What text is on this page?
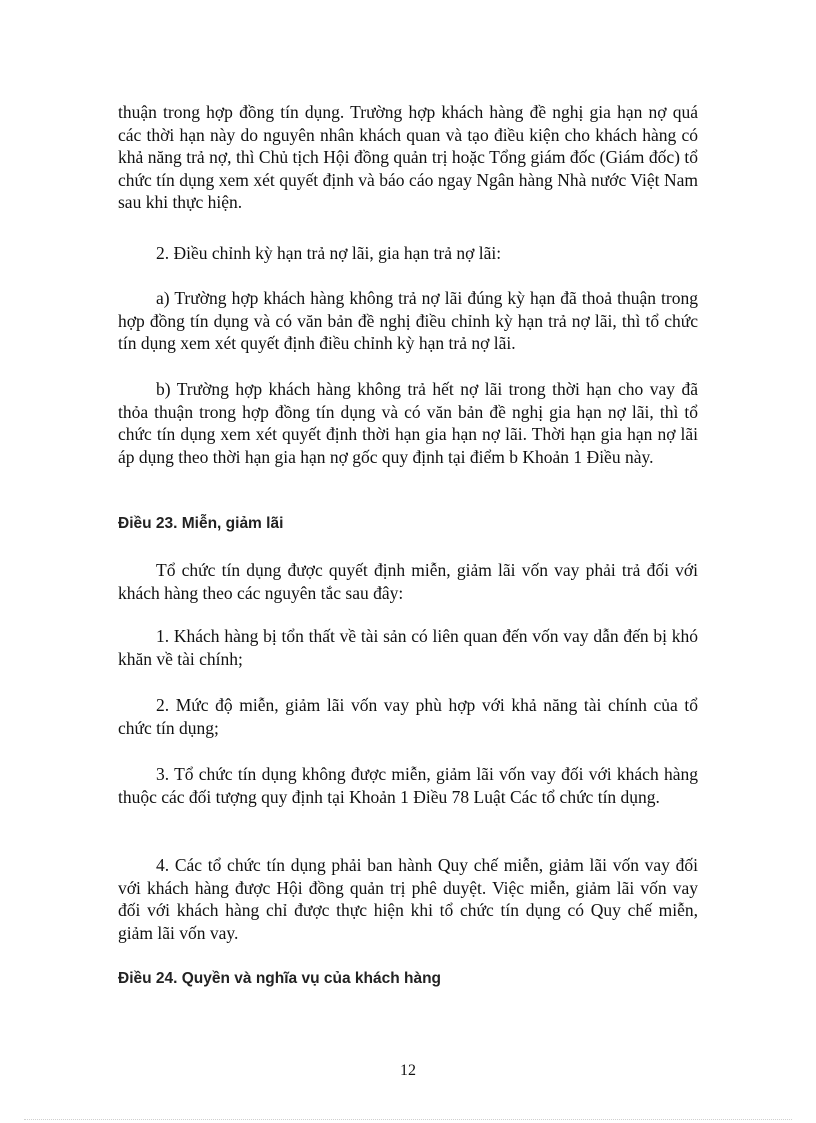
thuận trong hợp đồng tín dụng. Trường hợp khách hàng đề nghị gia hạn nợ quá các thời hạn này do nguyên nhân khách quan và tạo điều kiện cho khách hàng có khả năng trả nợ, thì Chủ tịch Hội đồng quản trị hoặc Tổng giám đốc (Giám đốc) tổ chức tín dụng xem xét quyết định và báo cáo ngay Ngân hàng Nhà nước Việt Nam sau khi thực hiện.

2. Điều chỉnh kỳ hạn trả nợ lãi, gia hạn trả nợ lãi:

a) Trường hợp khách hàng không trả nợ lãi đúng kỳ hạn đã thoả thuận trong hợp đồng tín dụng và có văn bản đề nghị điều chỉnh kỳ hạn trả nợ lãi, thì tổ chức tín dụng xem xét quyết định điều chỉnh kỳ hạn trả nợ lãi.

b) Trường hợp khách hàng không trả hết nợ lãi trong thời hạn cho vay đã thỏa thuận trong hợp đồng tín dụng và có văn bản đề nghị gia hạn nợ lãi, thì tổ chức tín dụng xem xét quyết định thời hạn gia hạn nợ lãi. Thời hạn gia hạn nợ lãi áp dụng theo thời hạn gia hạn nợ gốc quy định tại điểm b Khoản 1 Điều này.

Điều 23. Miễn, giảm lãi

Tổ chức tín dụng được quyết định miễn, giảm lãi vốn vay phải trả đối với khách hàng theo các nguyên tắc sau đây:

1. Khách hàng bị tổn thất về tài sản có liên quan đến vốn vay dẫn đến bị khó khăn về tài chính;

2. Mức độ miễn, giảm lãi vốn vay phù hợp với khả năng tài chính của tổ chức tín dụng;

3. Tổ chức tín dụng không được miễn, giảm lãi vốn vay đối với khách hàng thuộc các đối tượng quy định tại Khoản 1 Điều 78 Luật Các tổ chức tín dụng.

4. Các tổ chức tín dụng phải ban hành Quy chế miễn, giảm lãi vốn vay đối với khách hàng được Hội đồng quản trị phê duyệt. Việc miễn, giảm lãi vốn vay đối với khách hàng chỉ được thực hiện khi tổ chức tín dụng có Quy chế miễn, giảm lãi vốn vay.

Điều 24. Quyền và nghĩa vụ của khách hàng
12
